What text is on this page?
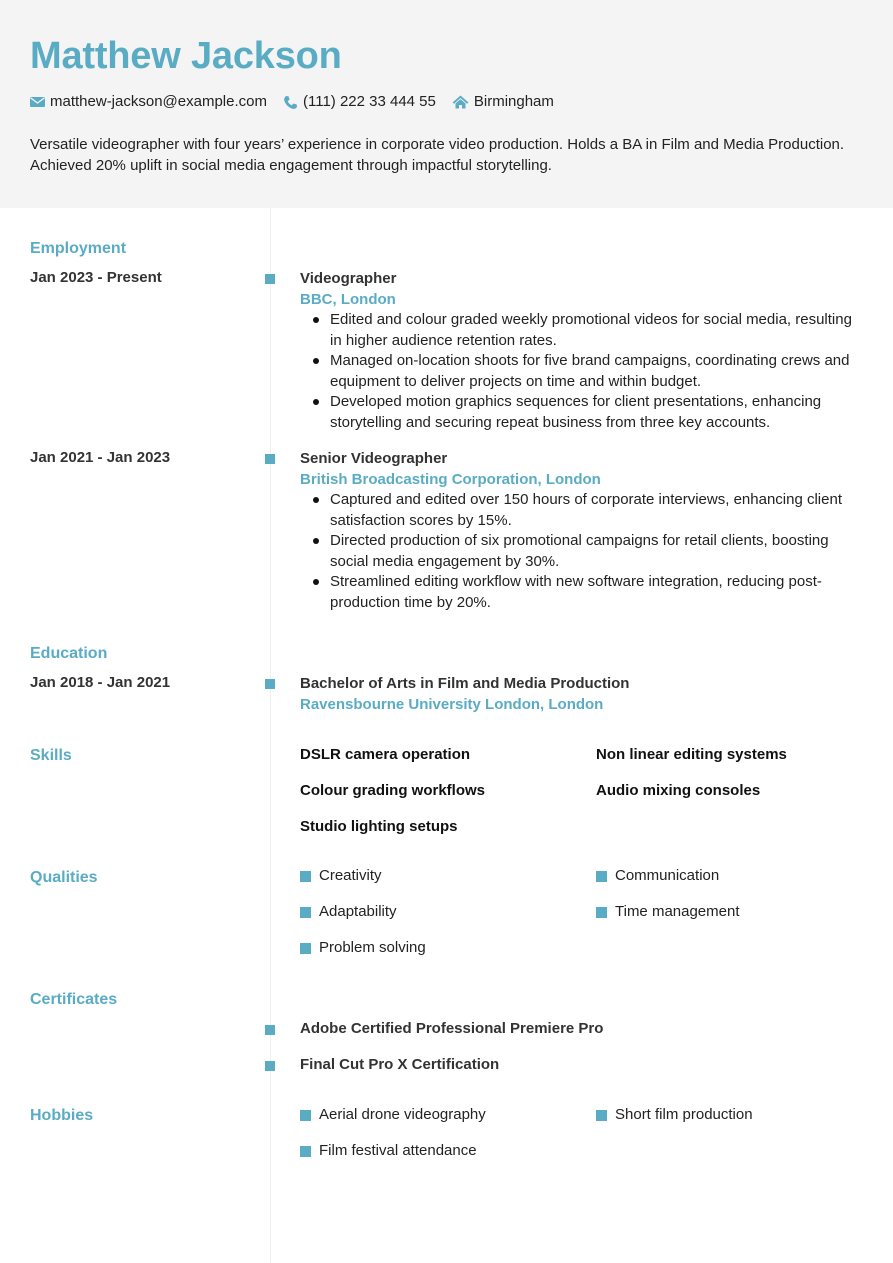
Matthew Jackson
matthew-jackson@example.com (111) 222 33 444 55	Birmingham
Versatile videographer with four years’ experience in corporate video production. Holds a BA in Film and Media Production. Achieved 20% uplift in social media engagement through impactful storytelling.
Employment
Jan 2023 - Present	Videographer
BBC, London
Edited and colour graded weekly promotional videos for social media, resulting in higher audience retention rates.
Managed on-location shoots for five brand campaigns, coordinating crews and equipment to deliver projects on time and within budget.
Developed motion graphics sequences for client presentations, enhancing storytelling and securing repeat business from three key accounts.
Jan 2021 - Jan 2023	Senior Videographer
British Broadcasting Corporation, London
Captured and edited over 150 hours of corporate interviews, enhancing client satisfaction scores by 15%.
Directed production of six promotional campaigns for retail clients, boosting social media engagement by 30%.
Streamlined editing workflow with new software integration, reducing post-production time by 20%.
Education
Jan 2018 - Jan 2021	Bachelor of Arts in Film and Media Production
Ravensbourne University London, London
Skills	DSLR camera operation	Non linear editing systems
Colour grading workflows	Audio mixing consoles
Studio lighting setups
Qualities	Creativity	Communication
Adaptability	Time management
Problem solving
Certificates
Adobe Certified Professional Premiere Pro
Final Cut Pro X Certification
Hobbies	Aerial drone videography	Short film production
Film festival attendance
